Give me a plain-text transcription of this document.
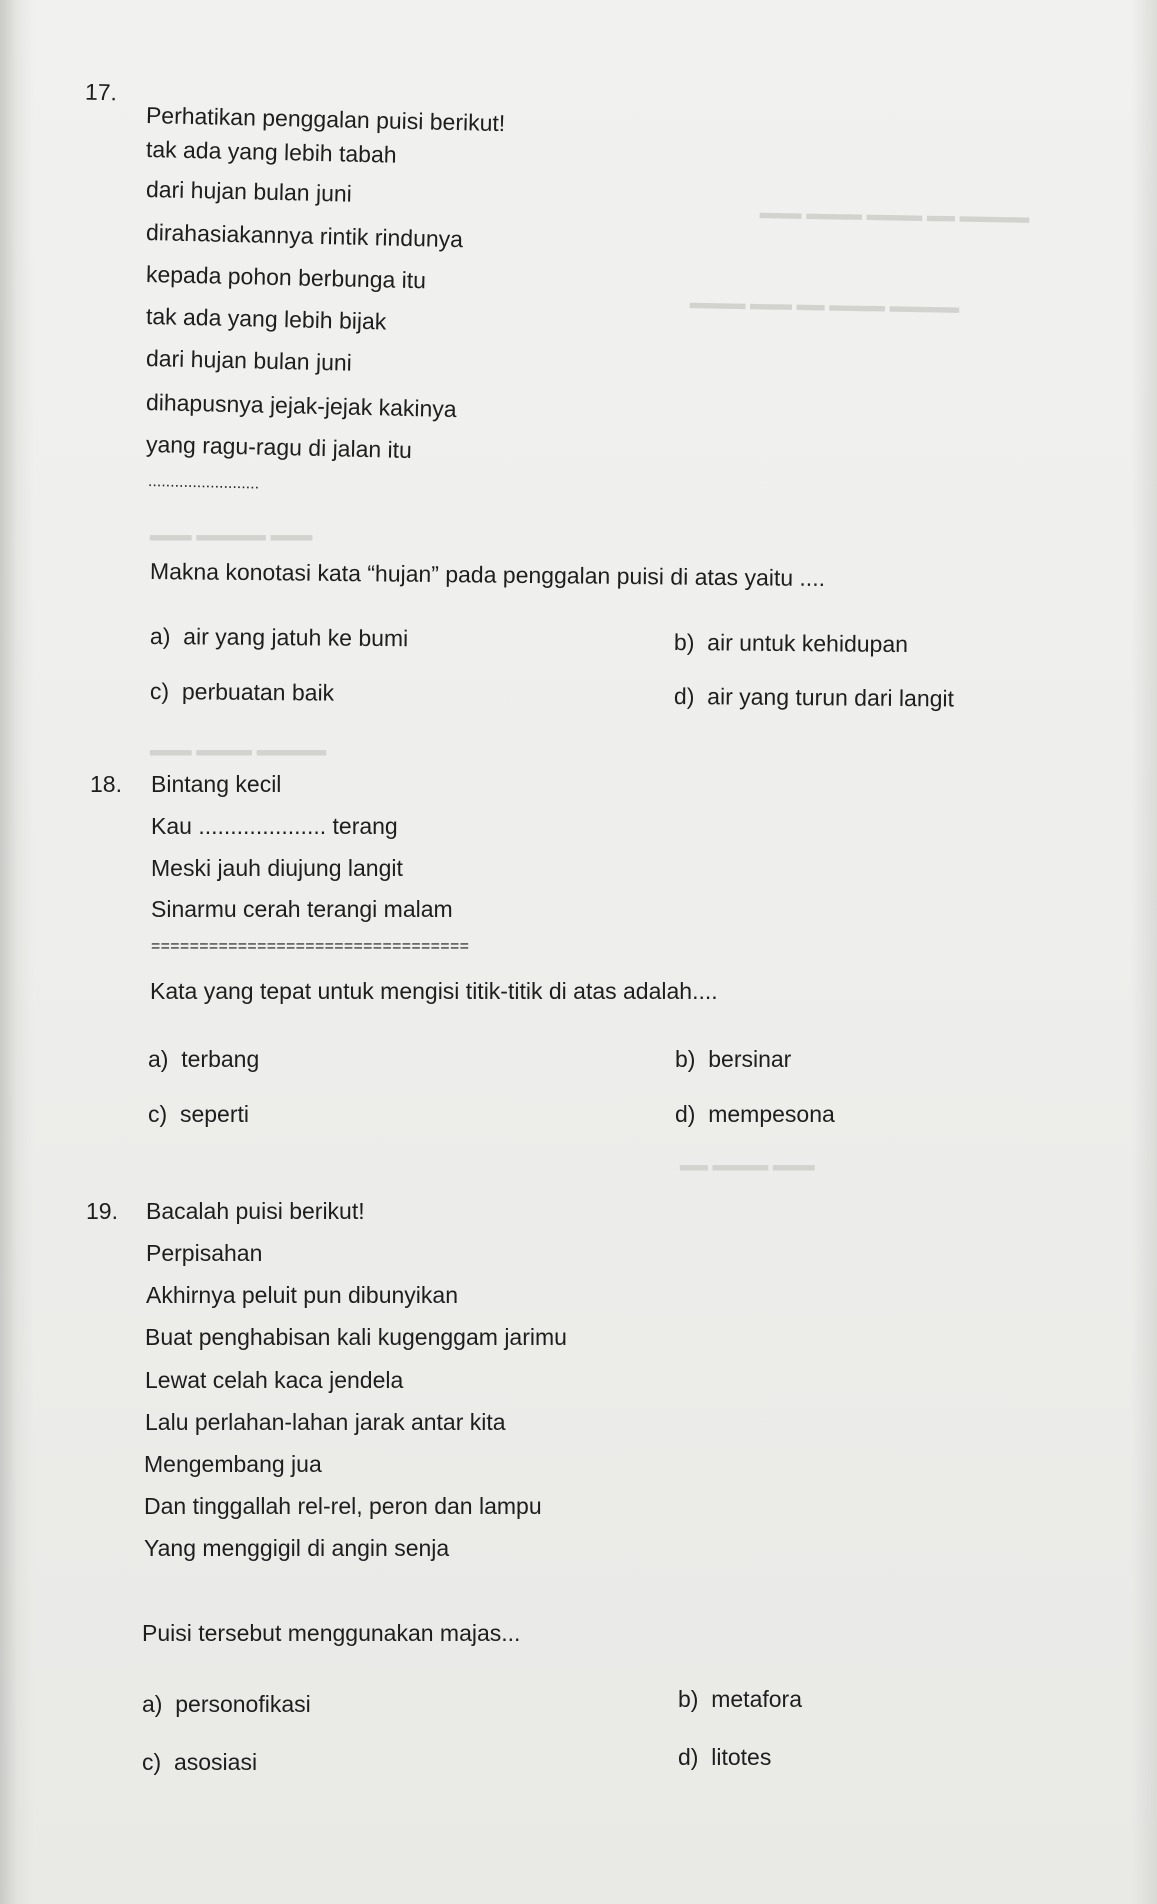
▂▂▂ ▂▂▂▂ ▂▂▂▂ ▂▂ ▂▂▂▂▂
▂▂▂▂ ▂▂▂ ▂▂ ▂▂▂▂ ▂▂▂▂▂
▂▂▂ ▂▂▂▂▂ ▂▂▂
▂▂▂ ▂▂▂▂ ▂▂▂▂▂
▂▂ ▂▂▂▂ ▂▂▂
17.
Perhatikan penggalan puisi berikut!
tak ada yang lebih tabah
dari hujan bulan juni
dirahasiakannya rintik rindunya
kepada pohon berbunga itu
tak ada yang lebih bijak
dari hujan bulan juni
dihapusnya jejak-jejak kakinya
yang ragu-ragu di jalan itu
.........................
Makna konotasi kata “hujan” pada penggalan puisi di atas yaitu ....
a) air yang jatuh ke bumi	b) air untuk kehidupan
c) perbuatan baik	d) air yang turun dari langit
18. Bintang kecil
Kau .................... terang
Meski jauh diujung langit
Sinarmu cerah terangi malam
=================================
Kata yang tepat untuk mengisi titik-titik di atas adalah....
a) terbang	b) bersinar
c) seperti	d) mempesona
19. Bacalah puisi berikut!
Perpisahan
Akhirnya peluit pun dibunyikan
Buat penghabisan kali kugenggam jarimu
Lewat celah kaca jendela
Lalu perlahan-lahan jarak antar kita
Mengembang jua
Dan tinggallah rel-rel, peron dan lampu
Yang menggigil di angin senja
Puisi tersebut menggunakan majas...
a) personofikasi	b) metafora
c) asosiasi	d) litotes
